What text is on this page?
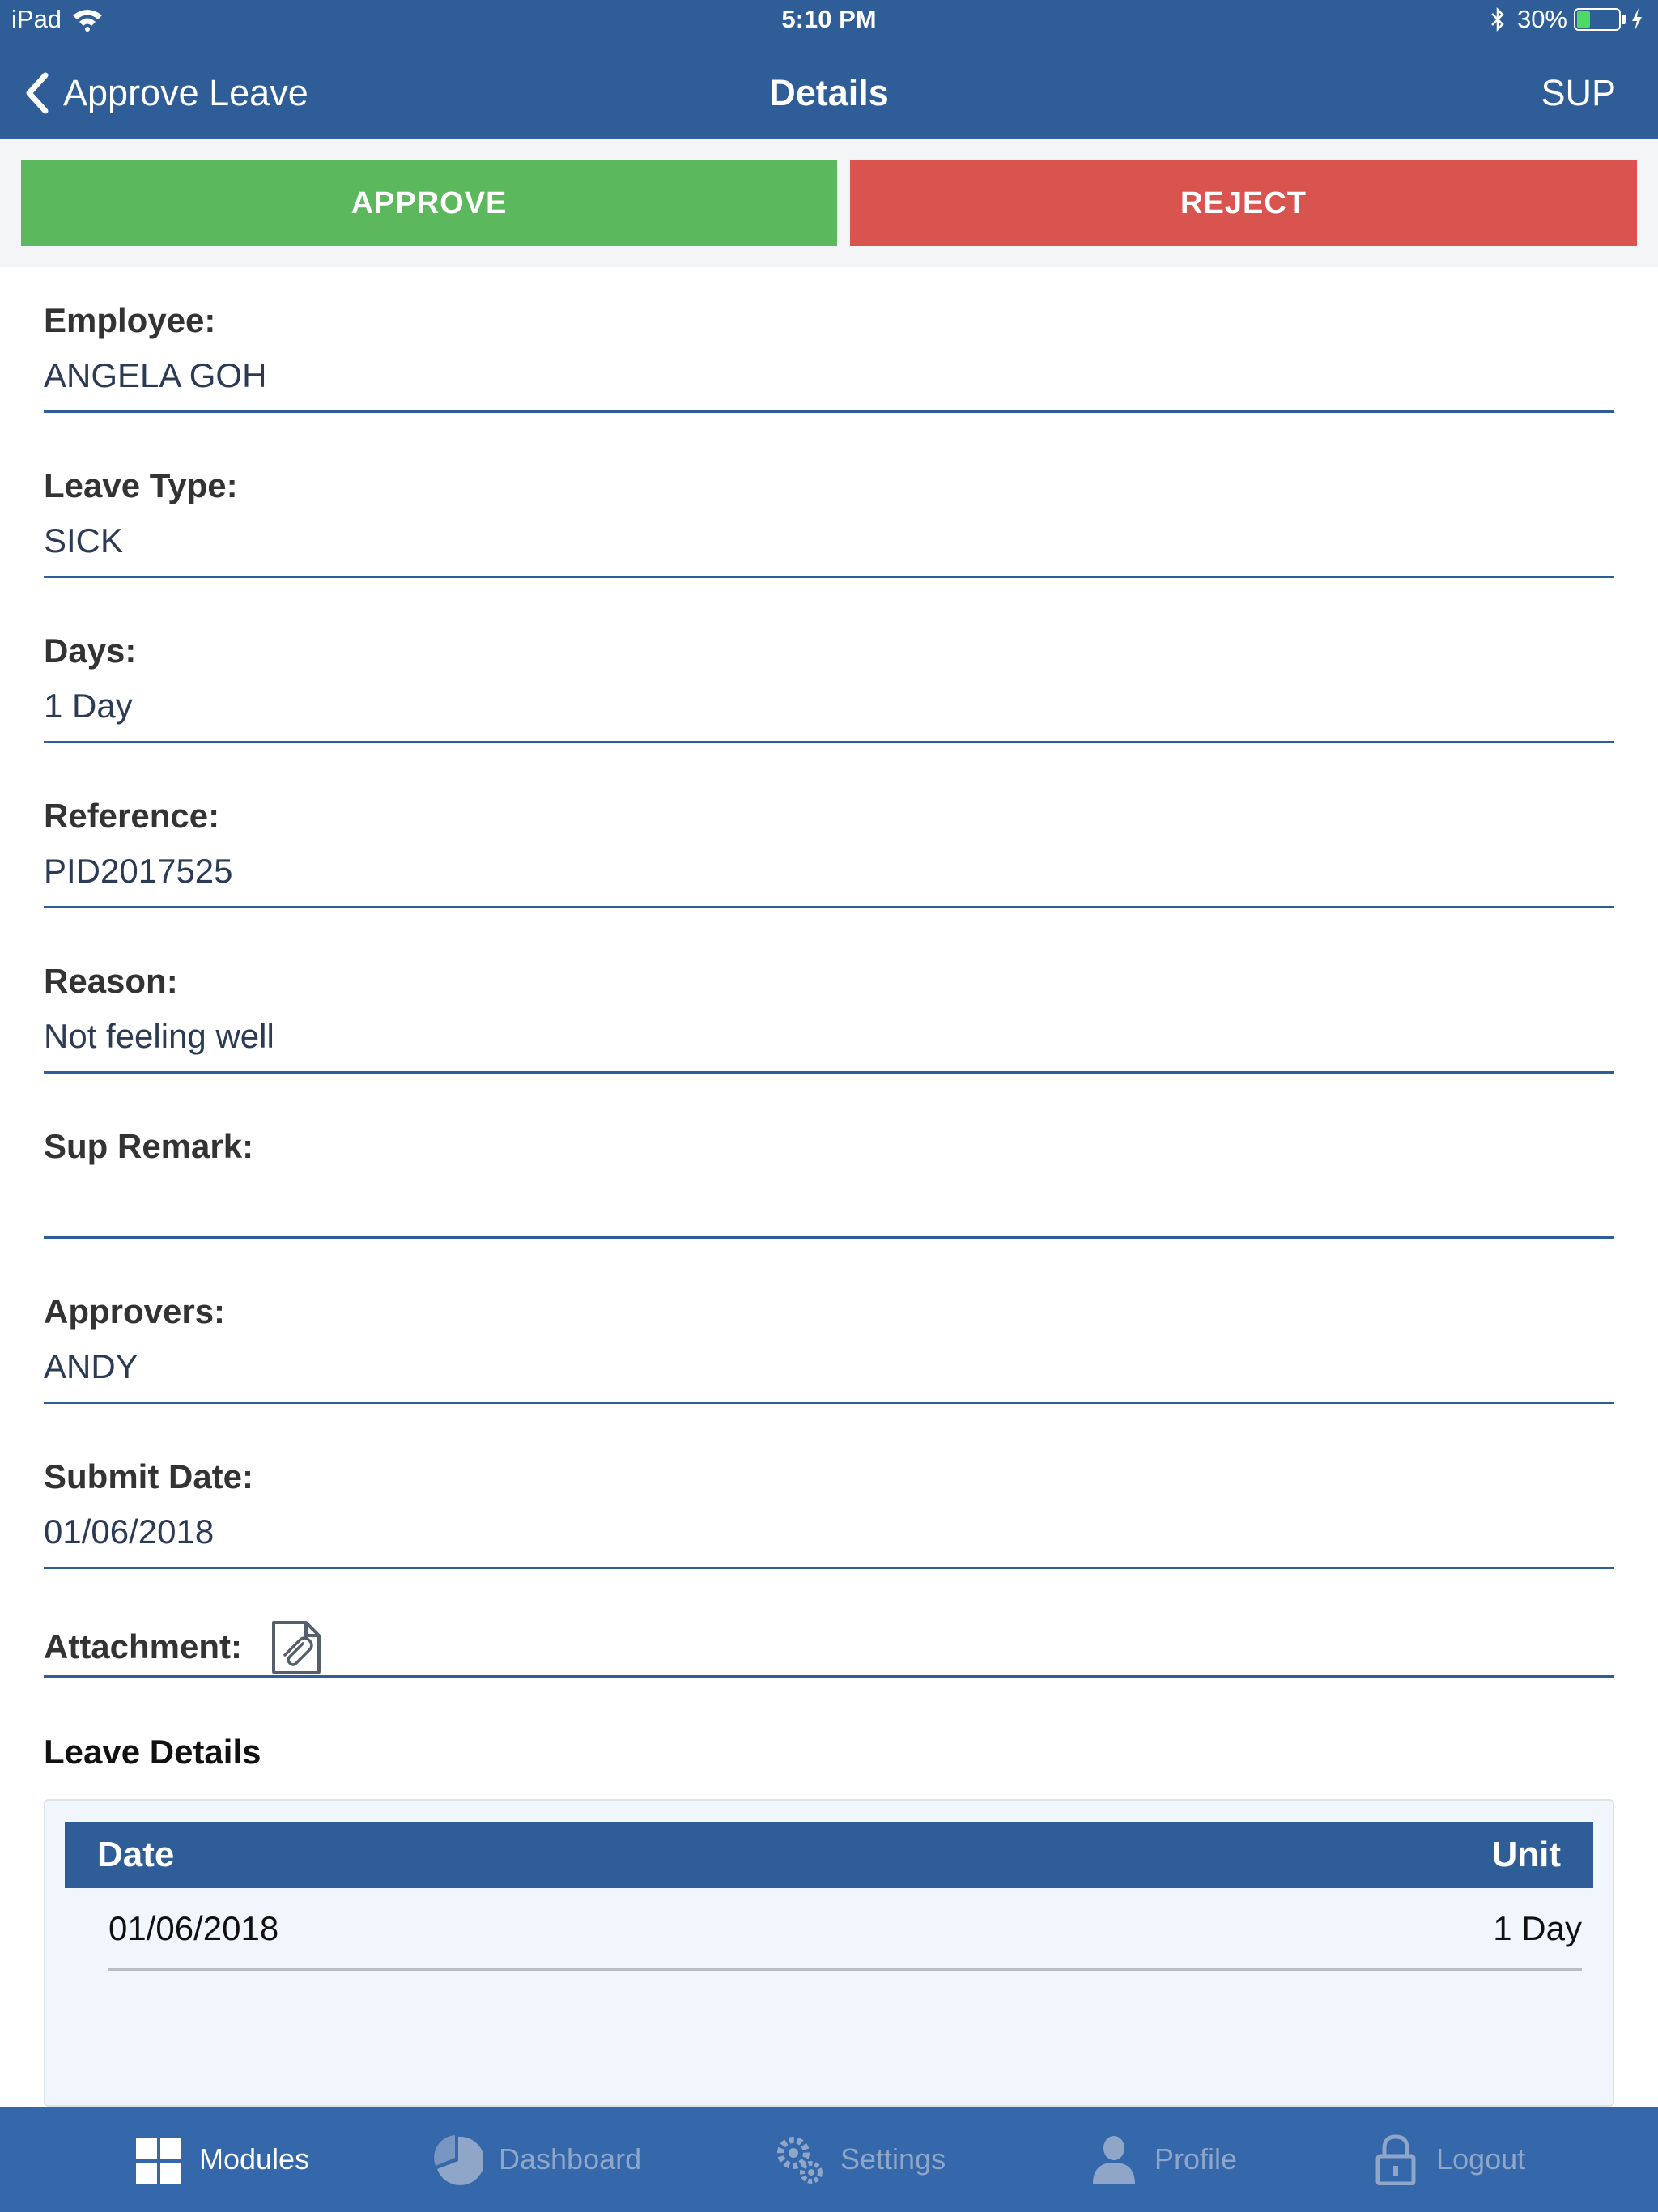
iPad	5:10 PM	30%
Approve Leave	Details	SUP
APPROVE	REJECT
Employee:
ANGELA GOH
Leave Type:
SICK
Days:
1 Day
Reference:
PID2017525
Reason:
Not feeling well
Sup Remark:
Approvers:
ANDY
Submit Date:
01/06/2018
Attachment:
Leave Details
Date	Unit
01/06/2018	1 Day
Modules	Dashboard	Settings	Profile	Logout
